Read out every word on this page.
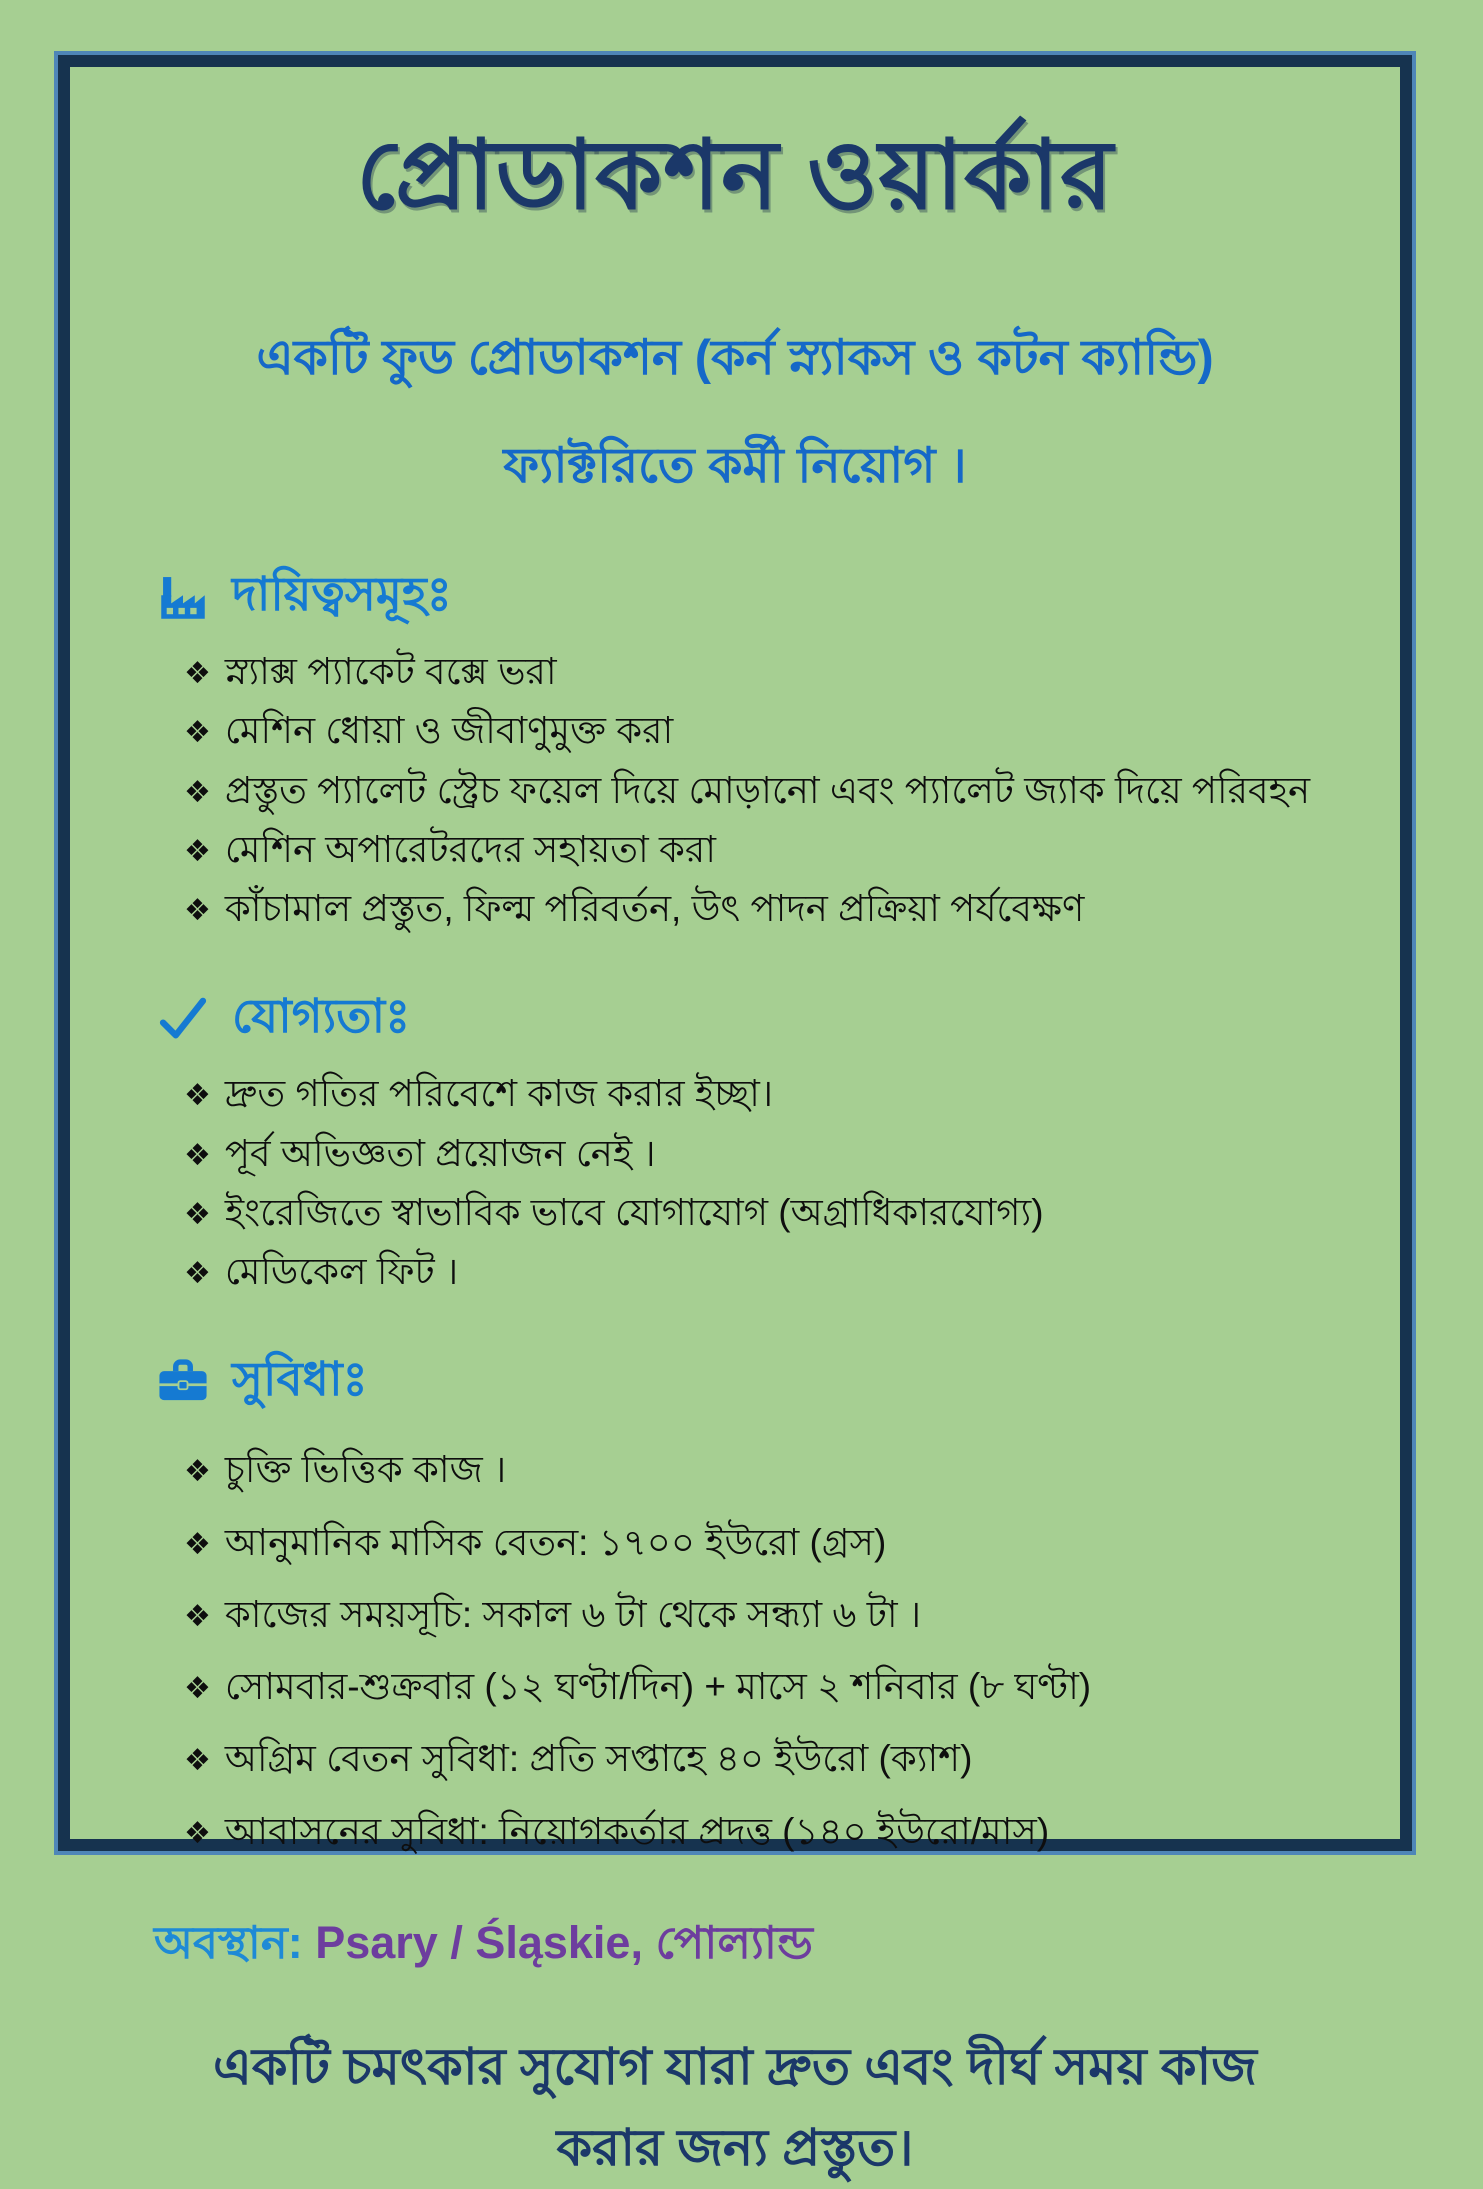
প্রোডাকশন ওয়ার্কার
একটি ফুড প্রোডাকশন (কর্ন স্ন্যাকস ও কটন ক্যান্ডি)
ফ্যাক্টরিতে কর্মী নিয়োগ ।
দায়িত্বসমূহঃ
❖ স্ন্যাক্স প্যাকেট বক্সে ভরা
❖ মেশিন ধোয়া ও জীবাণুমুক্ত করা
❖ প্রস্তুত প্যালেট স্ট্রেচ ফয়েল দিয়ে মোড়ানো এবং প্যালেট জ্যাক দিয়ে পরিবহন
❖ মেশিন অপারেটরদের সহায়তা করা
❖ কাঁচামাল প্রস্তুত, ফিল্ম পরিবর্তন, উৎ পাদন প্রক্রিয়া পর্যবেক্ষণ
যোগ্যতাঃ
❖ দ্রুত গতির পরিবেশে কাজ করার ইচ্ছা।
❖ পূর্ব অভিজ্ঞতা প্রয়োজন নেই ।
❖ ইংরেজিতে স্বাভাবিক ভাবে যোগাযোগ (অগ্রাধিকারযোগ্য)
❖ মেডিকেল ফিট ।
সুবিধাঃ
❖ চুক্তি ভিত্তিক কাজ ।
❖ আনুমানিক মাসিক বেতন: ১৭০০ ইউরো (গ্রস)
❖ কাজের সময়সূচি: সকাল ৬ টা থেকে সন্ধ্যা ৬ টা ।
❖ সোমবার-শুক্রবার (১২ ঘণ্টা/দিন) + মাসে ২ শনিবার (৮ ঘণ্টা)
❖ অগ্রিম বেতন সুবিধা: প্রতি সপ্তাহে ৪০ ইউরো (ক্যাশ)
❖ আবাসনের সুবিধা: নিয়োগকর্তার প্রদত্ত (১৪০ ইউরো/মাস)
অবস্থান: Psary / Śląskie, পোল্যান্ড
একটি চমৎকার সুযোগ যারা দ্রুত এবং দীর্ঘ সময় কাজ
করার জন্য প্রস্তুত।
